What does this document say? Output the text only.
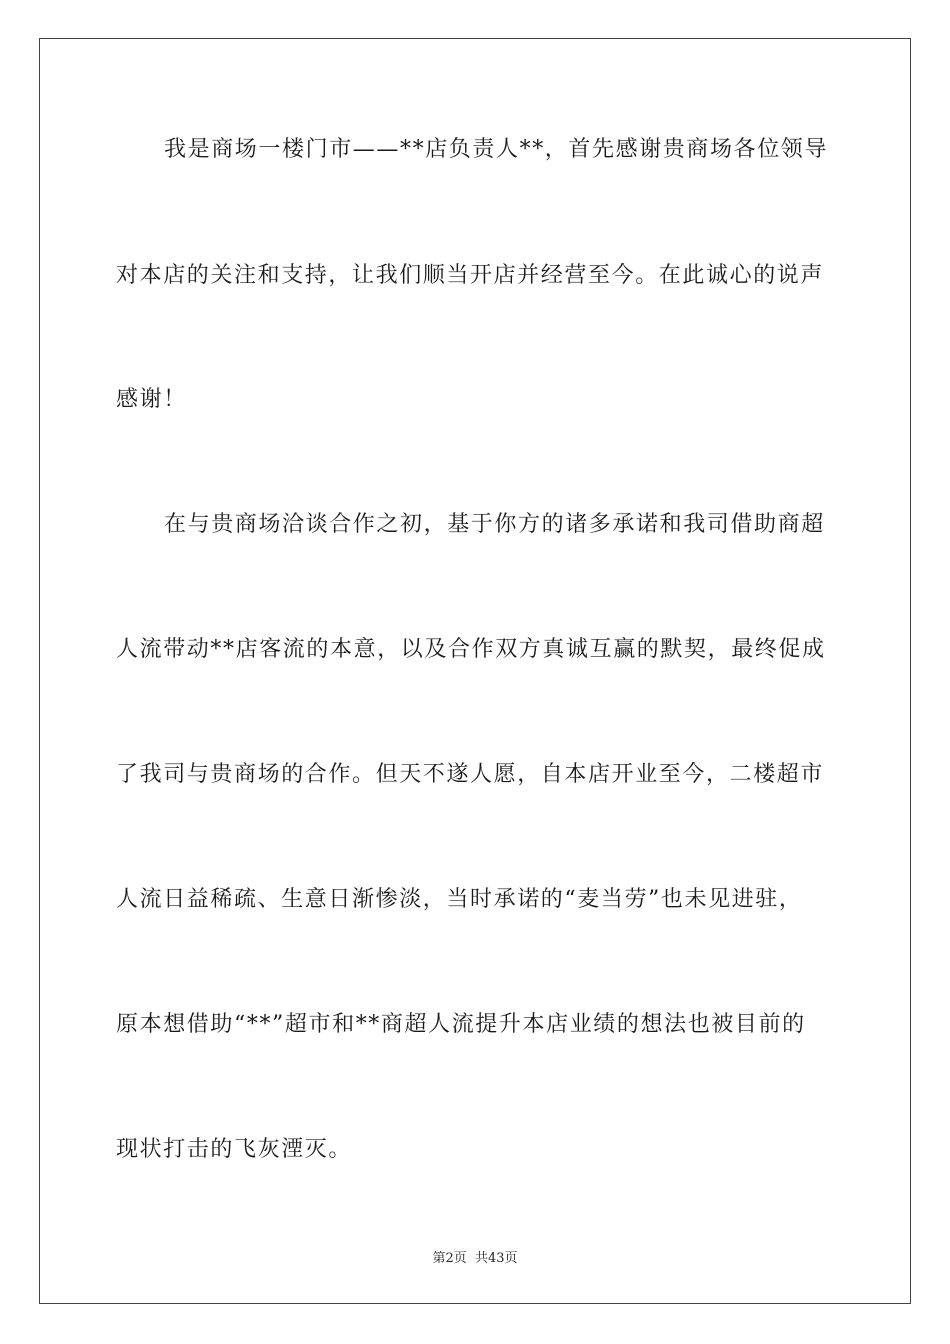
我是商场一楼门市——**店负责人**，首先感谢贵商场各位领导
对本店的关注和支持，让我们顺当开店并经营至今。在此诚心的说声
感谢！
在与贵商场洽谈合作之初，基于你方的诸多承诺和我司借助商超
人流带动**店客流的本意，以及合作双方真诚互赢的默契，最终促成
了我司与贵商场的合作。但天不遂人愿，自本店开业至今，二楼超市
人流日益稀疏、生意日渐惨淡，当时承诺的“麦当劳”也未见进驻，
原本想借助“**”超市和**商超人流提升本店业绩的想法也被目前的
现状打击的飞灰湮灭。
第2页 共43页
